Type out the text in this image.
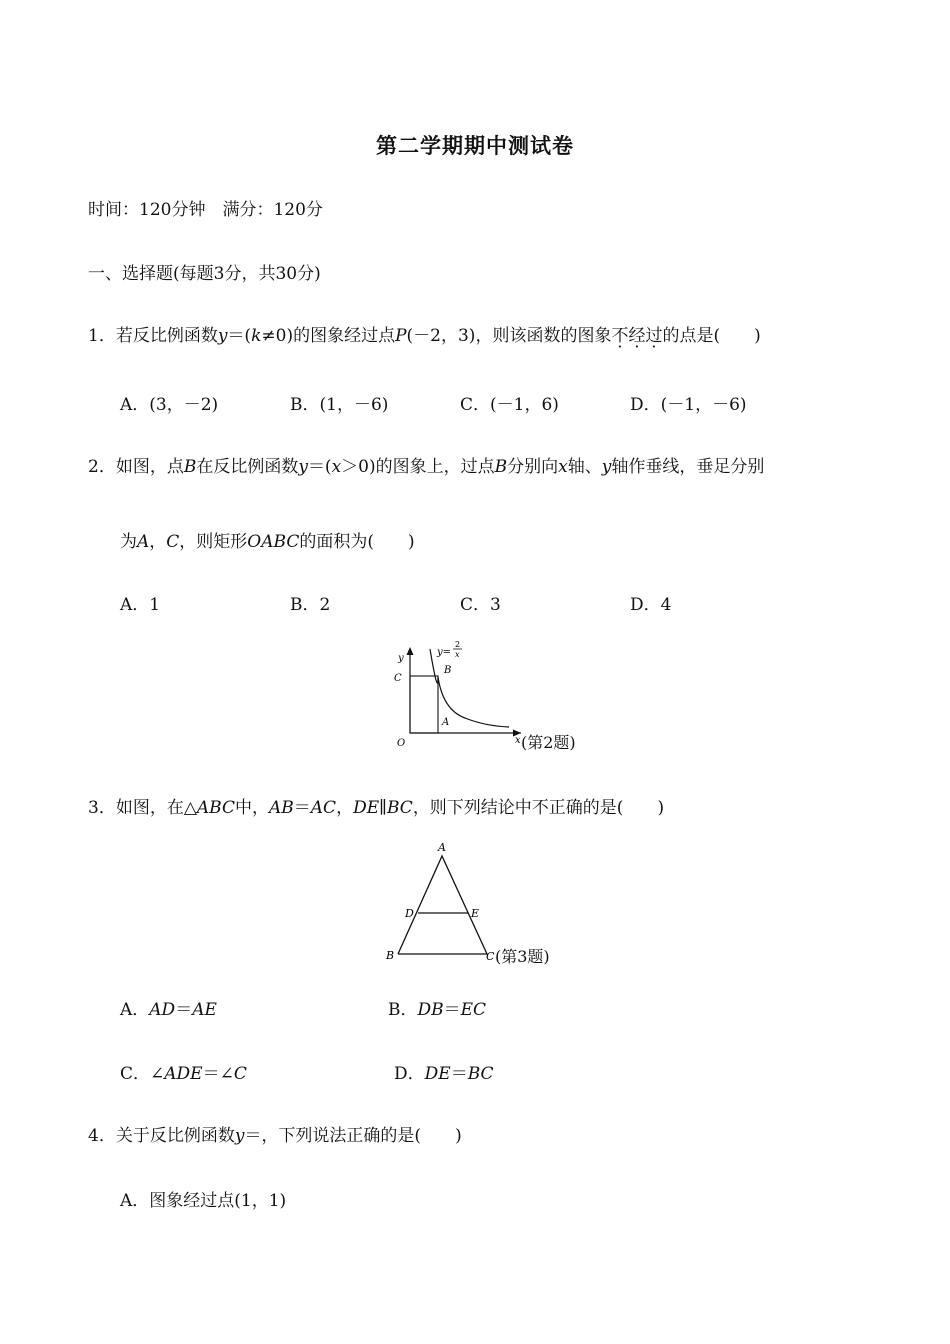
第二学期期中测试卷
时间：120分钟　满分：120分
一、选择题(每题3分，共30分)
1．若反比例函数y＝(k≠0)的图象经过点P(－2，3)，则该函数的图象不经过的点是(　　)
A．(3，－2)	B．(1，－6)	C．(－1，6)	D．(－1，－6)
2．如图，点B在反比例函数y＝(x＞0)的图象上，过点B分别向x轴、y轴作垂线，垂足分别
为A，C，则矩形OABC的面积为(　　)
A．1	B．2	C．3	D．4
y
x
O
C
B
A
y=
2
x
(第2题)
3．如图，在△ABC中，AB＝AC，DE∥BC，则下列结论中不正确的是(　　)
A
B	C
D	E
(第3题)
A．AD＝AE	B．DB＝EC
C．∠ADE＝∠C	D．DE＝BC
4．关于反比例函数y＝，下列说法正确的是(　　)
A．图象经过点(1，1)
